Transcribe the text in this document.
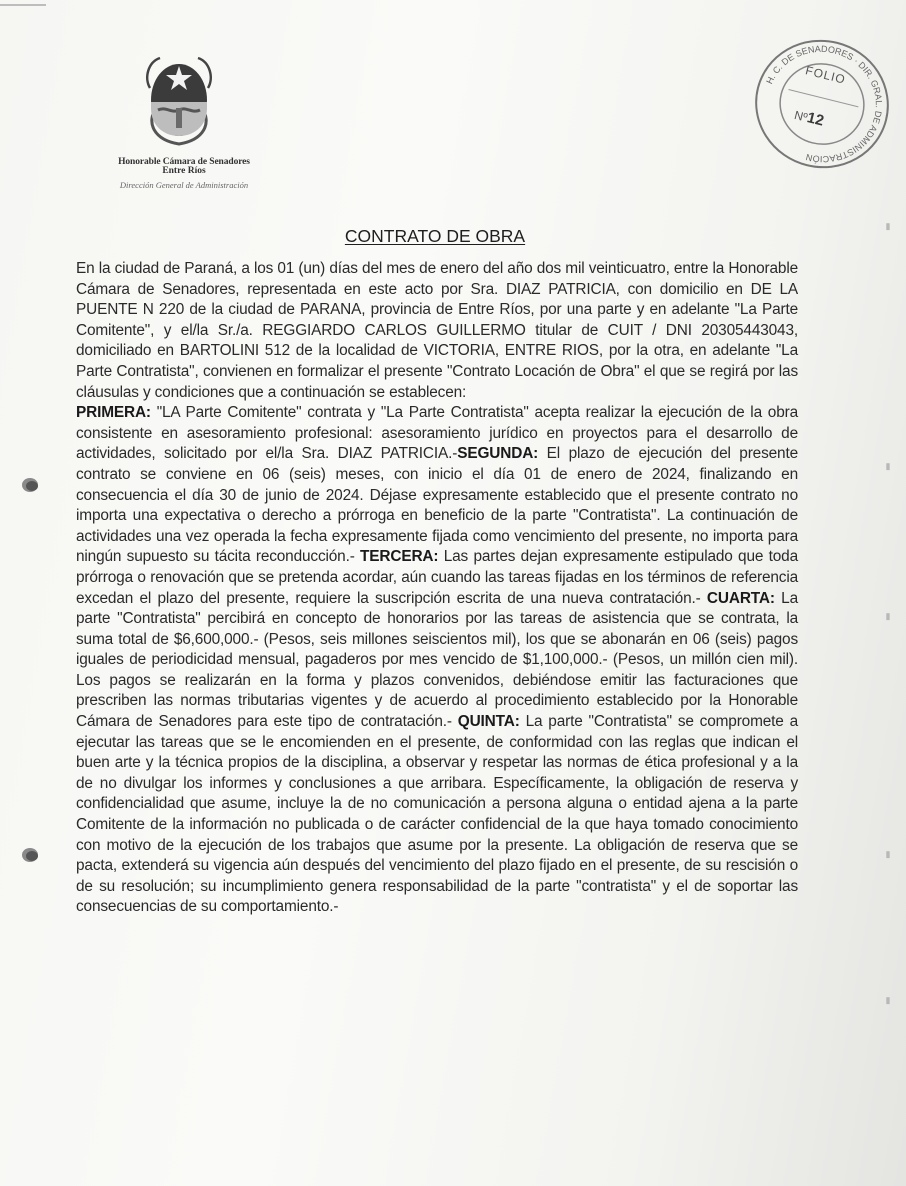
Honorable Cámara de Senadores
Entre Ríos
Dirección General de Administración
H. C. DE SENADORES · DIR. GRAL. DE ADMINISTRACIÓN
FOLIO
Nº12
CONTRATO DE OBRA

En la ciudad de Paraná, a los 01 (un) días del mes de enero del año dos mil veinticuatro, entre la Honorable Cámara de Senadores, representada en este acto por Sra. DIAZ PATRICIA, con domicilio en DE LA PUENTE N 220 de la ciudad de PARANA, provincia de Entre Ríos, por una parte y en adelante "La Parte Comitente", y el/la Sr./a. REGGIARDO CARLOS GUILLERMO titular de CUIT / DNI 20305443043, domiciliado en BARTOLINI 512 de la localidad de VICTORIA, ENTRE RIOS, por la otra, en adelante "La Parte Contratista", convienen en formalizar el presente "Contrato Locación de Obra" el que se regirá por las cláusulas y condiciones que a continuación se establecen:

PRIMERA: "LA Parte Comitente" contrata y "La Parte Contratista" acepta realizar la ejecución de la obra consistente en asesoramiento profesional: asesoramiento jurídico en proyectos para el desarrollo de actividades, solicitado por el/la Sra. DIAZ PATRICIA.-SEGUNDA: El plazo de ejecución del presente contrato se conviene en 06 (seis) meses, con inicio el día 01 de enero de 2024, finalizando en consecuencia el día 30 de junio de 2024. Déjase expresamente establecido que el presente contrato no importa una expectativa o derecho a prórroga en beneficio de la parte "Contratista". La continuación de actividades una vez operada la fecha expresamente fijada como vencimiento del presente, no importa para ningún supuesto su tácita reconducción.- TERCERA: Las partes dejan expresamente estipulado que toda prórroga o renovación que se pretenda acordar, aún cuando las tareas fijadas en los términos de referencia excedan el plazo del presente, requiere la suscripción escrita de una nueva contratación.- CUARTA: La parte "Contratista" percibirá en concepto de honorarios por las tareas de asistencia que se contrata, la suma total de $6,600,000.- (Pesos, seis millones seiscientos mil), los que se abonarán en 06 (seis) pagos iguales de periodicidad mensual, pagaderos por mes vencido de $1,100,000.- (Pesos, un millón cien mil). Los pagos se realizarán en la forma y plazos convenidos, debiéndose emitir las facturaciones que prescriben las normas tributarias vigentes y de acuerdo al procedimiento establecido por la Honorable Cámara de Senadores para este tipo de contratación.- QUINTA: La parte "Contratista" se compromete a ejecutar las tareas que se le encomienden en el presente, de conformidad con las reglas que indican el buen arte y la técnica propios de la disciplina, a observar y respetar las normas de ética profesional y a la de no divulgar los informes y conclusiones a que arribara. Específicamente, la obligación de reserva y confidencialidad que asume, incluye la de no comunicación a persona alguna o entidad ajena a la parte Comitente de la información no publicada o de carácter confidencial de la que haya tomado conocimiento con motivo de la ejecución de los trabajos que asume por la presente. La obligación de reserva que se pacta, extenderá su vigencia aún después del vencimiento del plazo fijado en el presente, de su rescisión o de su resolución; su incumplimiento genera responsabilidad de la parte "contratista" y el de soportar las consecuencias de su comportamiento.-

▮
▮
▮
▮
▮
